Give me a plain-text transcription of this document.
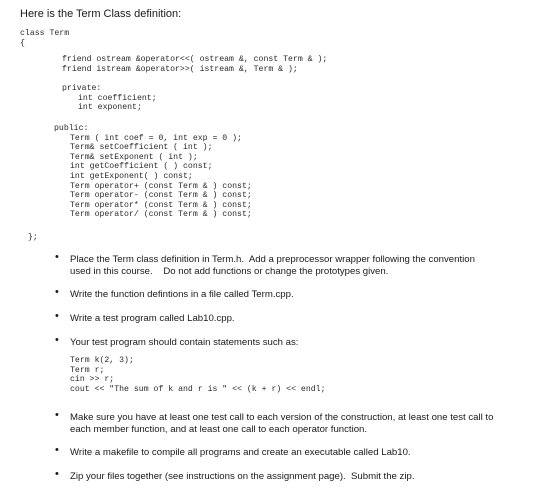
Here is the Term Class definition:
class Term
{
friend ostream &operator<<( ostream &, const Term & );
friend istream &operator>>( istream &, Term & );
private:
int coefficient;
int exponent;
public:
Term ( int coef = 0, int exp = 0 );
Term& setCoefficient ( int );
Term& setExponent ( int );
int getCoefficient ( ) const;
int getExponent( ) const;
Term operator+ (const Term & ) const;
Term operator- (const Term & ) const;
Term operator* (const Term & ) const;
Term operator/ (const Term & ) const;
};
• Place the Term class definition in Term.h.  Add a preprocessor wrapper following the convention
used in this course.    Do not add functions or change the prototypes given.
• Write the function defintions in a file called Term.cpp.
• Write a test program called Lab10.cpp.
• Your test program should contain statements such as:
Term k(2, 3);
Term r;
cin >> r;
cout << "The sum of k and r is " << (k + r) << endl;
• Make sure you have at least one test call to each version of the construction, at least one test call to
each member function, and at least one call to each operator function.
• Write a makefile to compile all programs and create an executable called Lab10.
• Zip your files together (see instructions on the assignment page).  Submit the zip.
